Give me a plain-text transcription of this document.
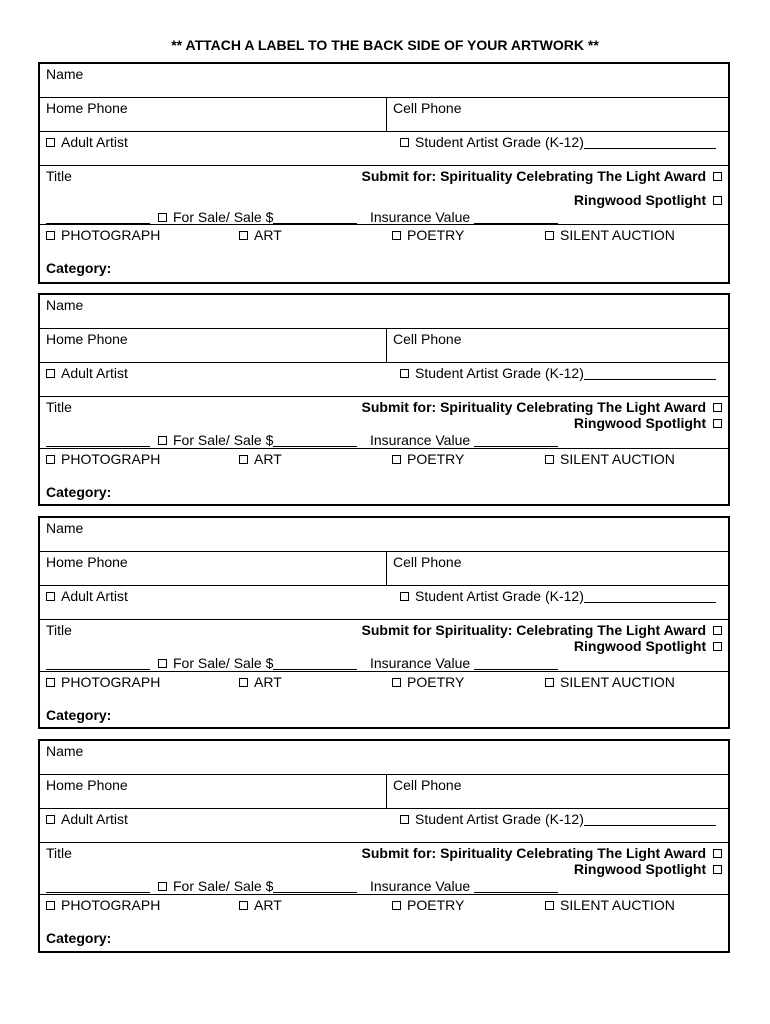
** ATTACH A LABEL TO THE BACK SIDE OF YOUR ARTWORK **
Name
Home Phone	Cell Phone
Adult Artist	Student Artist Grade (K-12)
Title	Submit for: Spirituality Celebrating The Light Award
Ringwood Spotlight
For Sale/ Sale $	Insurance Value
PHOTOGRAPH	ART	POETRY	SILENT AUCTION
Category:
Name
Home Phone	Cell Phone
Adult Artist	Student Artist Grade (K-12)
Title	Submit for: Spirituality Celebrating The Light Award
Ringwood Spotlight
For Sale/ Sale $	Insurance Value
PHOTOGRAPH	ART	POETRY	SILENT AUCTION
Category:
Name
Home Phone	Cell Phone
Adult Artist	Student Artist Grade (K-12)
Title	Submit for Spirituality: Celebrating The Light Award
Ringwood Spotlight
For Sale/ Sale $	Insurance Value
PHOTOGRAPH	ART	POETRY	SILENT AUCTION
Category:
Name
Home Phone	Cell Phone
Adult Artist	Student Artist Grade (K-12)
Title	Submit for: Spirituality Celebrating The Light Award
Ringwood Spotlight
For Sale/ Sale $	Insurance Value
PHOTOGRAPH	ART	POETRY	SILENT AUCTION
Category:
